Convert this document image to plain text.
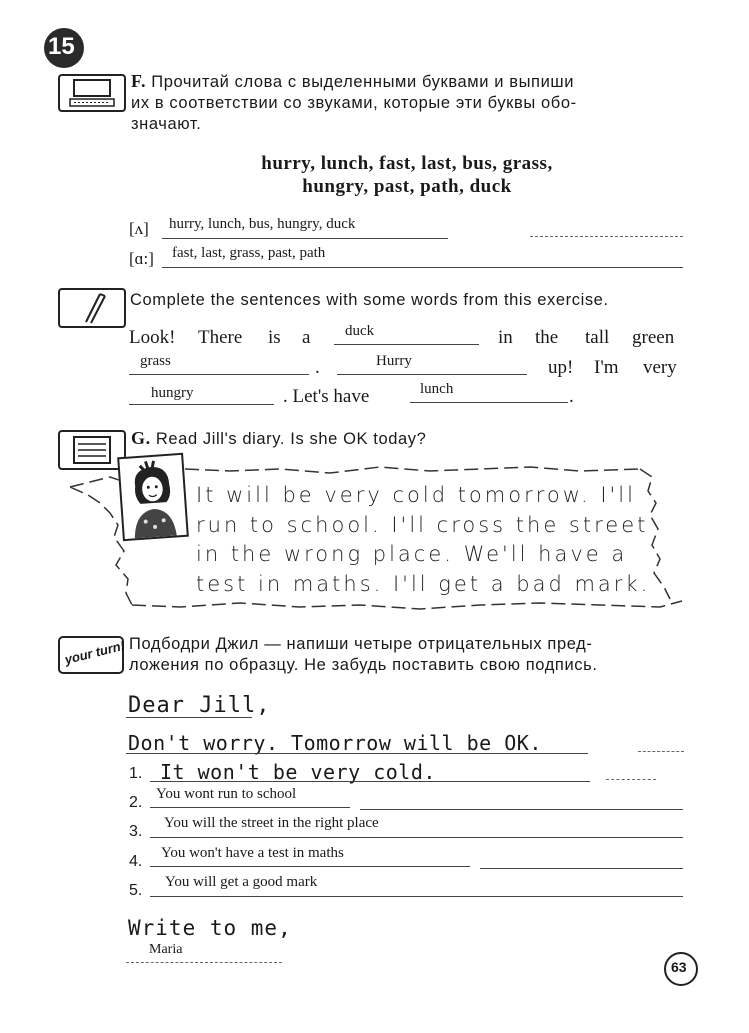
15
F. Прочитай слова с выделенными буквами и выпиши
их в соответствии со звуками, которые эти буквы обо-
значают.
hurry, lunch, fast, last, bus, grass,
hungry, past, path, duck
[ʌ] hurry, lunch, bus, hungry, duck
[ɑ:] fast, last, grass, past, path
Complete the sentences with some words from this exercise.
Look! There is a duck	in the tall green
grass	.	Hurry	up! I'm very
hungry	. Let's have	lunch	.
G. Read Jill's diary. Is she OK today?
It will be very cold tomorrow. I'll
run to school. I'll cross the street
in the wrong place. We'll have a
test in maths. I'll get a bad mark.
your turn! Подбодри Джил — напиши четыре отрицательных пред-
ложения по образцу. Не забудь поставить свою подпись.
Dear Jill,
Don't worry. Tomorrow will be OK.
1. It won't be very cold.
2. You wont run to school
3. You will the street in the right place
4. You won't have a test in maths
5. You will get a good mark
Write to me,
Maria
63
